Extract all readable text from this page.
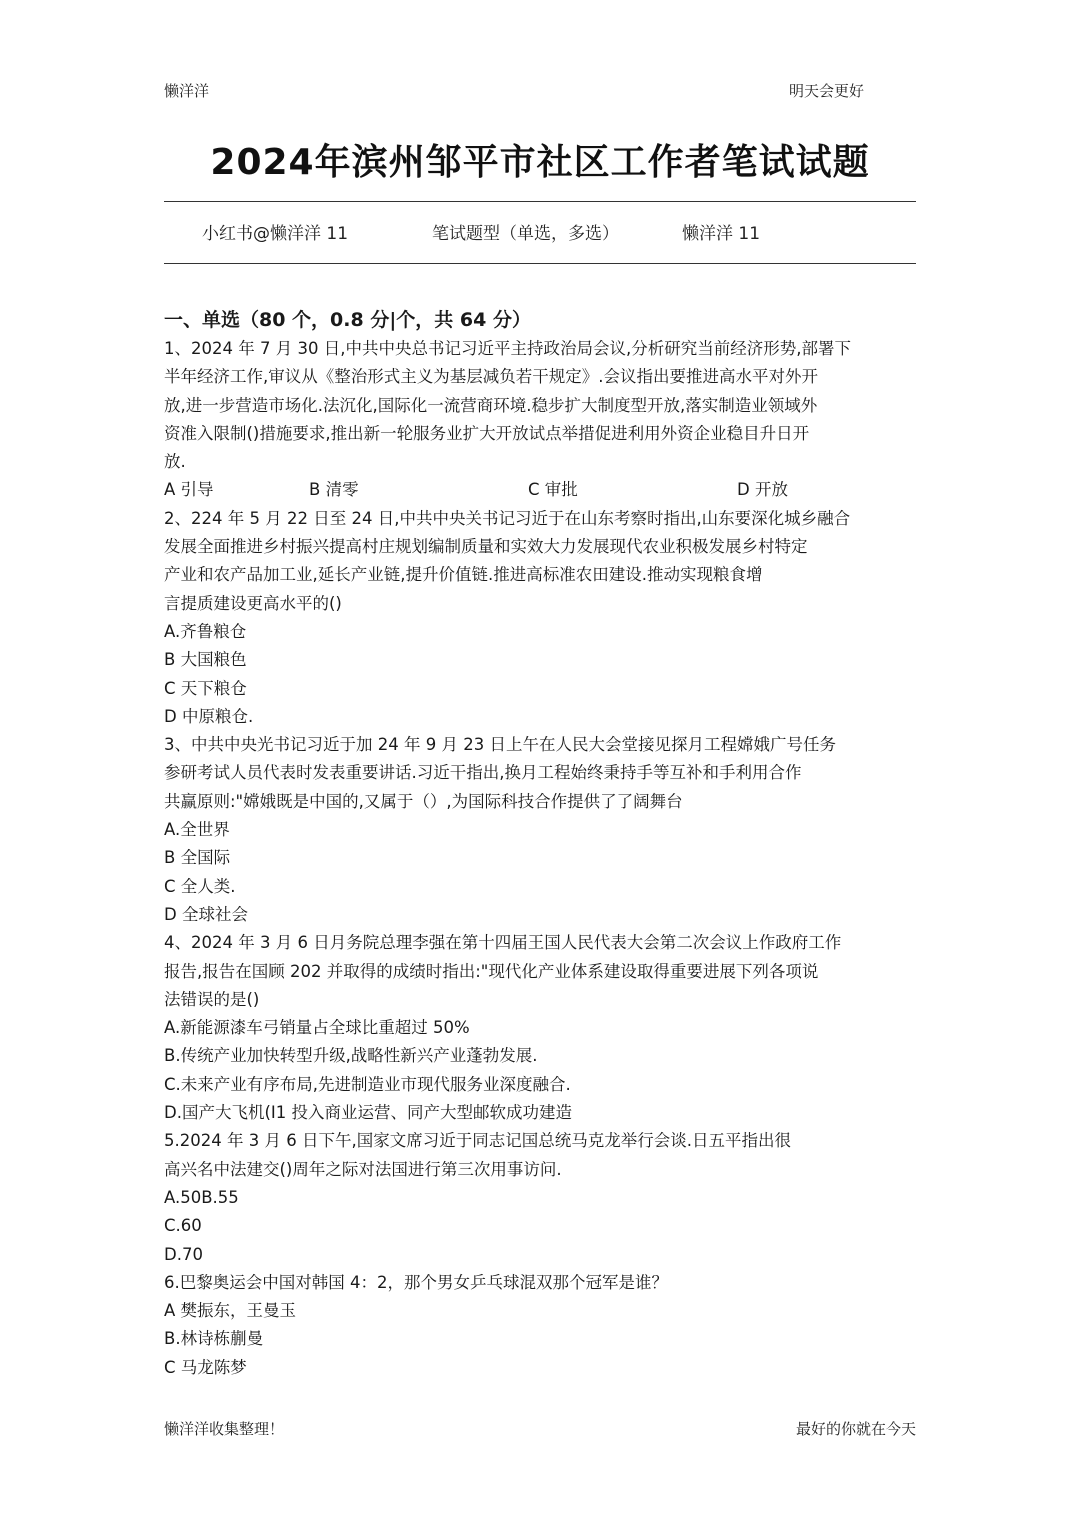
懒洋洋	明天会更好
2024年滨州邹平市社区工作者笔试试题
小红书@懒洋洋 11	笔试题型（单选，多选）	懒洋洋 11
一、单选（80 个，0.8 分|个，共 64 分）
1、2024 年 7 月 30 日,中共中央总书记习近平主持政治局会议,分析研究当前经济形势,部署下
半年经济工作,审议从《整治形式主义为基层减负若干规定》.会议指出要推进高水平对外开
放,进一步营造市场化.法沉化,国际化一流营商环境.稳步扩大制度型开放,落实制造业领域外
资准入限制()措施要求,推出新一轮服务业扩大开放试点举措促进利用外资企业稳目升日开
放.
A 引导	B 清零	C 审批	D 开放
2、224 年 5 月 22 日至 24 日,中共中央关书记习近于在山东考察时指出,山东要深化城乡融合
发展全面推进乡村振兴提高村庄规划编制质量和实效大力发展现代农业积极发展乡村特定
产业和农产品加工业,延长产业链,提升价值链.推进高标准农田建设.推动实现粮食增
言提质建设更高水平的()
A.齐鲁粮仓
B 大国粮色
C 天下粮仓
D 中原粮仓.
3、中共中央光书记习近于加 24 年 9 月 23 日上午在人民大会堂接见探月工程嫦娥广号任务
参研考试人员代表时发表重要讲话.习近干指出,换月工程始终秉持手等互补和手利用合作
共赢原则:"嫦娥既是中国的,又属于（）,为国际科技合作提供了了阔舞台
A.全世界
B 全国际
C 全人类.
D 全球社会
4、2024 年 3 月 6 日月务院总理李强在第十四届王国人民代表大会第二次会议上作政府工作
报告,报告在国顾 202 并取得的成绩时指出:"现代化产业体系建设取得重要进展下列各项说
法错误的是()
A.新能源漆车弓销量占全球比重超过 50%
B.传统产业加快转型升级,战略性新兴产业蓬勃发展.
C.未来产业有序布局,先进制造业市现代服务业深度融合.
D.国产大飞机(I1 投入商业运营、同产大型邮软成功建造
5.2024 年 3 月 6 日下午,国家文席习近于同志记国总统马克龙举行会谈.日五平指出很
高兴名中法建交()周年之际对法国进行第三次用事访问.
A.50B.55
C.60
D.70
6.巴黎奥运会中国对韩国 4：2，那个男女乒乓球混双那个冠军是谁？
A 樊振东，王曼玉
B.林诗栋蒯曼
C 马龙陈梦
懒洋洋收集整理！	最好的你就在今天
